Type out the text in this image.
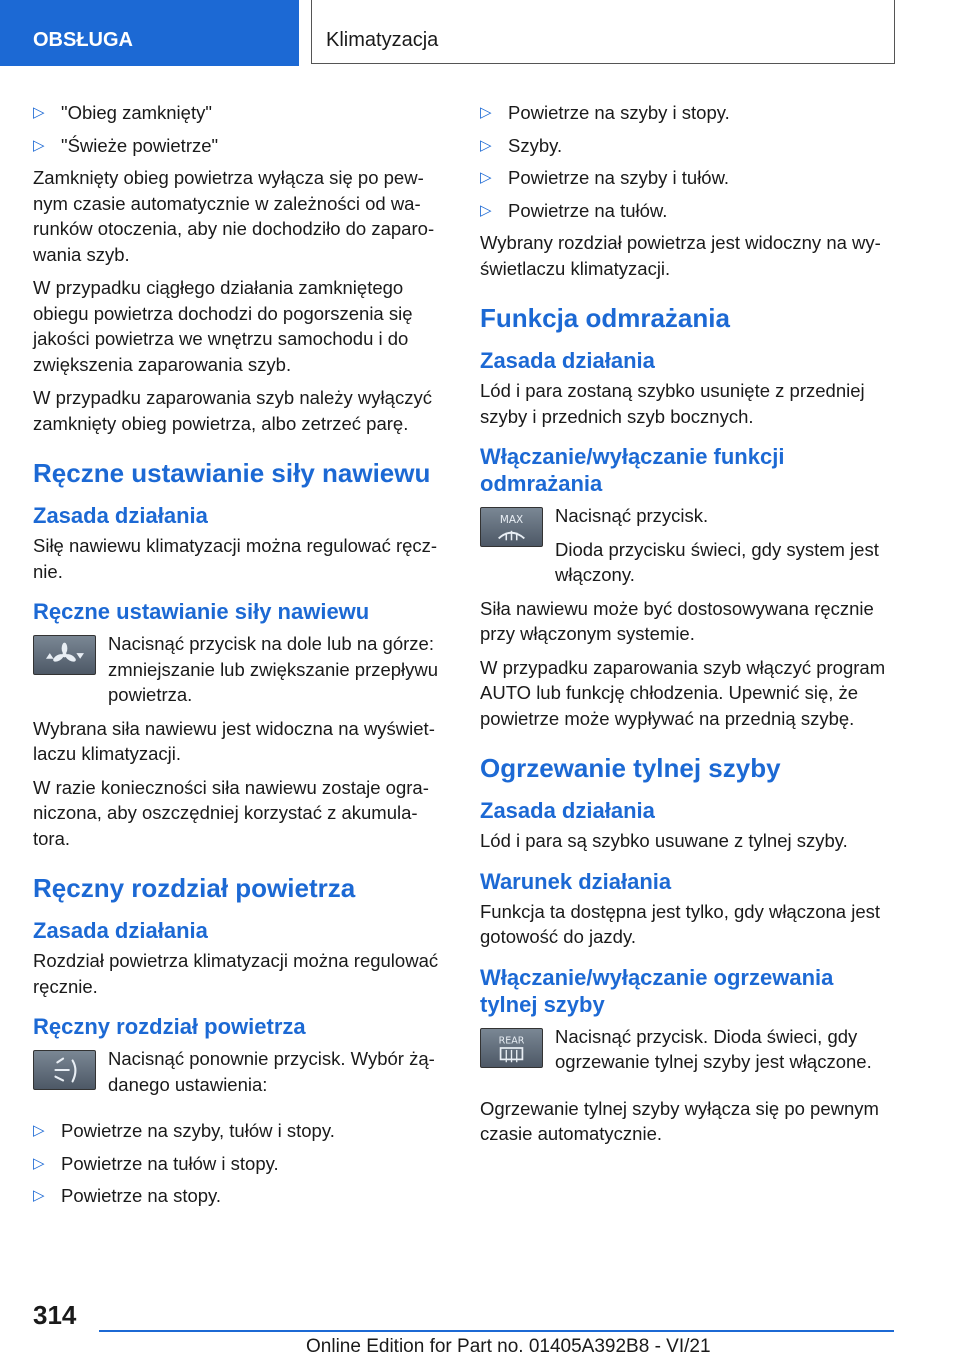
OBSŁUGA	Klimatyzacja
▷ "Obieg zamknięty"
▷ "Świeże powietrze"

Zamknięty obieg powietrza wyłącza się po pewnym czasie automatycznie w zależności od warunków otoczenia, aby nie dochodziło do zaparowania szyb.

W przypadku ciągłego działania zamkniętego obiegu powietrza dochodzi do pogorszenia się jakości powietrza we wnętrzu samochodu i do zwiększenia zaparowania szyb.

W przypadku zaparowania szyb należy wyłączyć zamknięty obieg powietrza, albo zetrzeć parę.

Ręczne ustawianie siły nawiewu
Zasada działania

Siłę nawiewu klimatyzacji można regulować ręcznie.

Ręczne ustawianie siły nawiewu

Nacisnąć przycisk na dole lub na górze: zmniejszanie lub zwiększanie przepływu powietrza.

Wybrana siła nawiewu jest widoczna na wyświetlaczu klimatyzacji.

W razie konieczności siła nawiewu zostaje ograniczona, aby oszczędniej korzystać z akumulatora.

Ręczny rozdział powietrza
Zasada działania

Rozdział powietrza klimatyzacji można regulować ręcznie.

Ręczny rozdział powietrza

Nacisnąć ponownie przycisk. Wybór żądanego ustawienia:

▷ Powietrze na szyby, tułów i stopy.
▷ Powietrze na tułów i stopy.
▷ Powietrze na stopy.
▷ Powietrze na szyby i stopy.
▷ Szyby.
▷ Powietrze na szyby i tułów.
▷ Powietrze na tułów.

Wybrany rozdział powietrza jest widoczny na wyświetlaczu klimatyzacji.

Funkcja odmrażania
Zasada działania

Lód i para zostaną szybko usunięte z przedniej szyby i przednich szyb bocznych.

Włączanie/wyłączanie funkcji odmrażania
MAX Nacisnąć przycisk.

Dioda przycisku świeci, gdy system jest włączony.

Siła nawiewu może być dostosowywana ręcznie przy włączonym systemie.

W przypadku zaparowania szyb włączyć program AUTO lub funkcję chłodzenia. Upewnić się, że powietrze może wypływać na przednią szybę.

Ogrzewanie tylnej szyby
Zasada działania

Lód i para są szybko usuwane z tylnej szyby.

Warunek działania

Funkcja ta dostępna jest tylko, gdy włączona jest gotowość do jazdy.

Włączanie/wyłączanie ogrzewania tylnej szyby
REAR Nacisnąć przycisk. Dioda świeci, gdy ogrzewanie tylnej szyby jest włączone.

Ogrzewanie tylnej szyby wyłącza się po pewnym czasie automatycznie.

314
Online Edition for Part no. 01405A392B8 - VI/21
